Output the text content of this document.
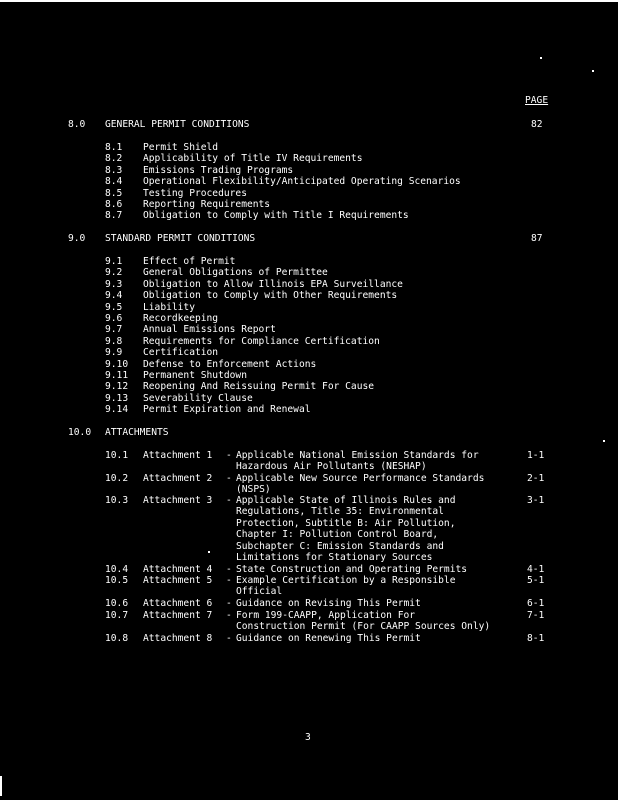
PAGE
8.0 GENERAL PERMIT CONDITIONS	82
8.1 Permit Shield
8.2 Applicability of Title IV Requirements
8.3 Emissions Trading Programs
8.4 Operational Flexibility/Anticipated Operating Scenarios
8.5 Testing Procedures
8.6 Reporting Requirements
8.7 Obligation to Comply with Title I Requirements
9.0 STANDARD PERMIT CONDITIONS	87
9.1 Effect of Permit
9.2 General Obligations of Permittee
9.3 Obligation to Allow Illinois EPA Surveillance
9.4 Obligation to Comply with Other Requirements
9.5 Liability
9.6 Recordkeeping
9.7 Annual Emissions Report
9.8 Requirements for Compliance Certification
9.9 Certification
9.10 Defense to Enforcement Actions
9.11 Permanent Shutdown
9.12 Reopening And Reissuing Permit For Cause
9.13 Severability Clause
9.14 Permit Expiration and Renewal
10.0 ATTACHMENTS
10.1 Attachment 1 - Applicable National Emission Standards for
Hazardous Air Pollutants (NESHAP)
1-1
10.2 Attachment 2 - Applicable New Source Performance Standards
(NSPS)
2-1
10.3 Attachment 3 - Applicable State of Illinois Rules and
Regulations, Title 35: Environmental
Protection, Subtitle B: Air Pollution,
Chapter I: Pollution Control Board,
Subchapter C: Emission Standards and
Limitations for Stationary Sources
3-1
10.4 Attachment 4 - State Construction and Operating Permits	4-1
10.5 Attachment 5 - Example Certification by a Responsible
Official
5-1
10.6 Attachment 6 - Guidance on Revising This Permit	6-1
10.7 Attachment 7 - Form 199-CAAPP, Application For
Construction Permit (For CAAPP Sources Only)
7-1
10.8 Attachment 8 - Guidance on Renewing This Permit	8-1
3
